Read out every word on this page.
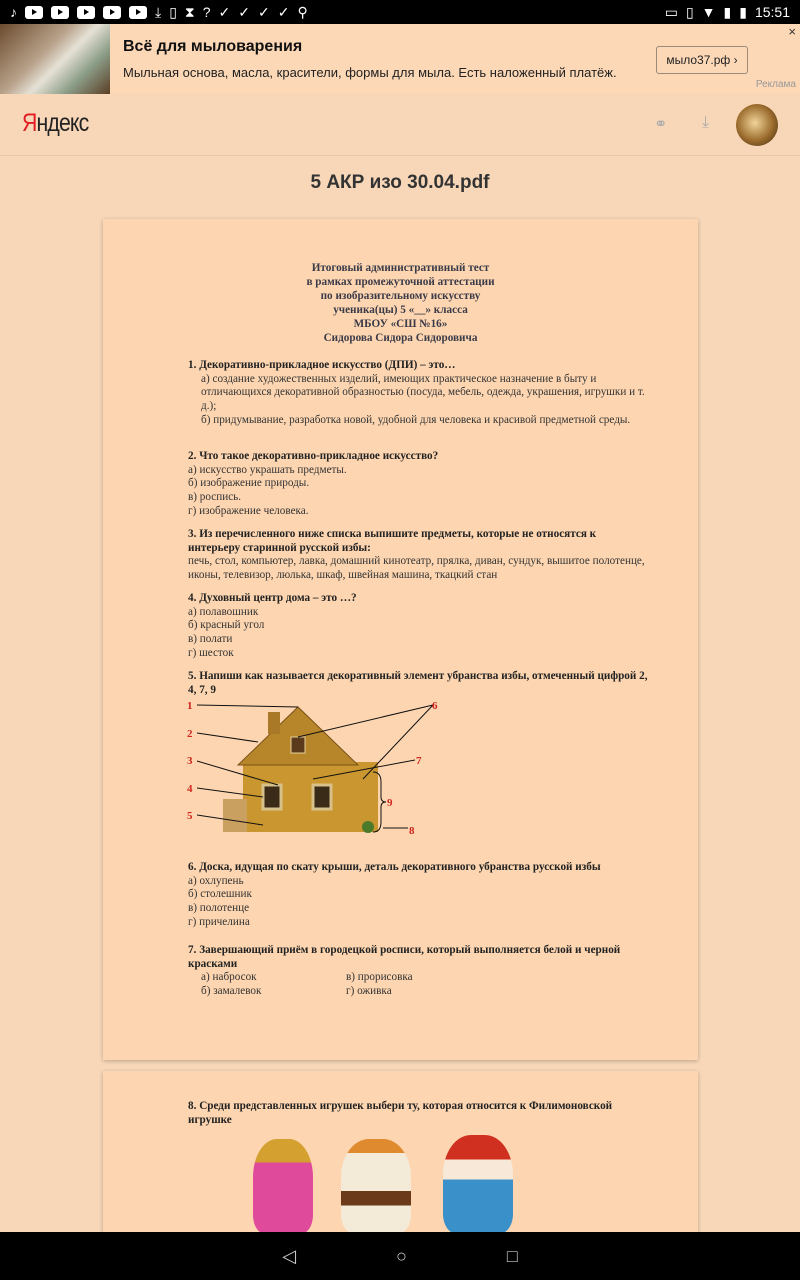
♪	⤓ ▯ ⧗ ? ✓ ✓ ✓ ✓ ⚲	▭ ▯ ▼ ▮ ▮ 15:51
Всё для мыловарения
Мыльная основа, масла, красители, формы для мыла. Есть наложенный платёж.
мыло37.рф ›
×
Реклама
Яндекс	⚭ ⤓
5 АКР изо 30.04.pdf
Итоговый административный тест
в рамках промежуточной аттестации
по изобразительному искусству
ученика(цы) 5 «__» класса
МБОУ «СШ №16»
Сидорова Сидора Сидоровича
1. Декоративно-прикладное искусство (ДПИ) – это…
а) создание художественных изделий, имеющих практическое назначение в быту и отличающихся декоративной образностью (посуда, мебель, одежда, украшения, игрушки и т. д.);
б) придумывание, разработка новой, удобной для человека и красивой предметной среды.
2. Что такое декоративно-прикладное искусство?
а) искусство украшать предметы.
б) изображение природы.
в) роспись.
г) изображение человека.
3. Из перечисленного ниже списка выпишите предметы, которые не относятся к интерьеру старинной русской избы:
печь, стол, компьютер, лавка, домашний кинотеатр, прялка, диван, сундук, вышитое полотенце, иконы, телевизор, люлька, шкаф, швейная машина, ткацкий стан
4. Духовный центр дома – это …?
а) полавошник
б) красный угол
в) полати
г) шесток
5. Напиши как называется декоративный элемент убранства избы, отмеченный цифрой 2, 4, 7, 9
1
2
3
4
5
6
7
8
9
6. Доска, идущая по скату крыши, деталь декоративного убранства русской избы
а) охлупень
б) столешник
в) полотенце
г) причелина
7. Завершающий приём в городецкой росписи, который выполняется белой и черной красками
а) набросок	в) прорисовка
б) замалевок	г) оживка
8. Среди представленных игрушек выбери ту, которая относится к Филимоновской игрушке
◁	○	□
